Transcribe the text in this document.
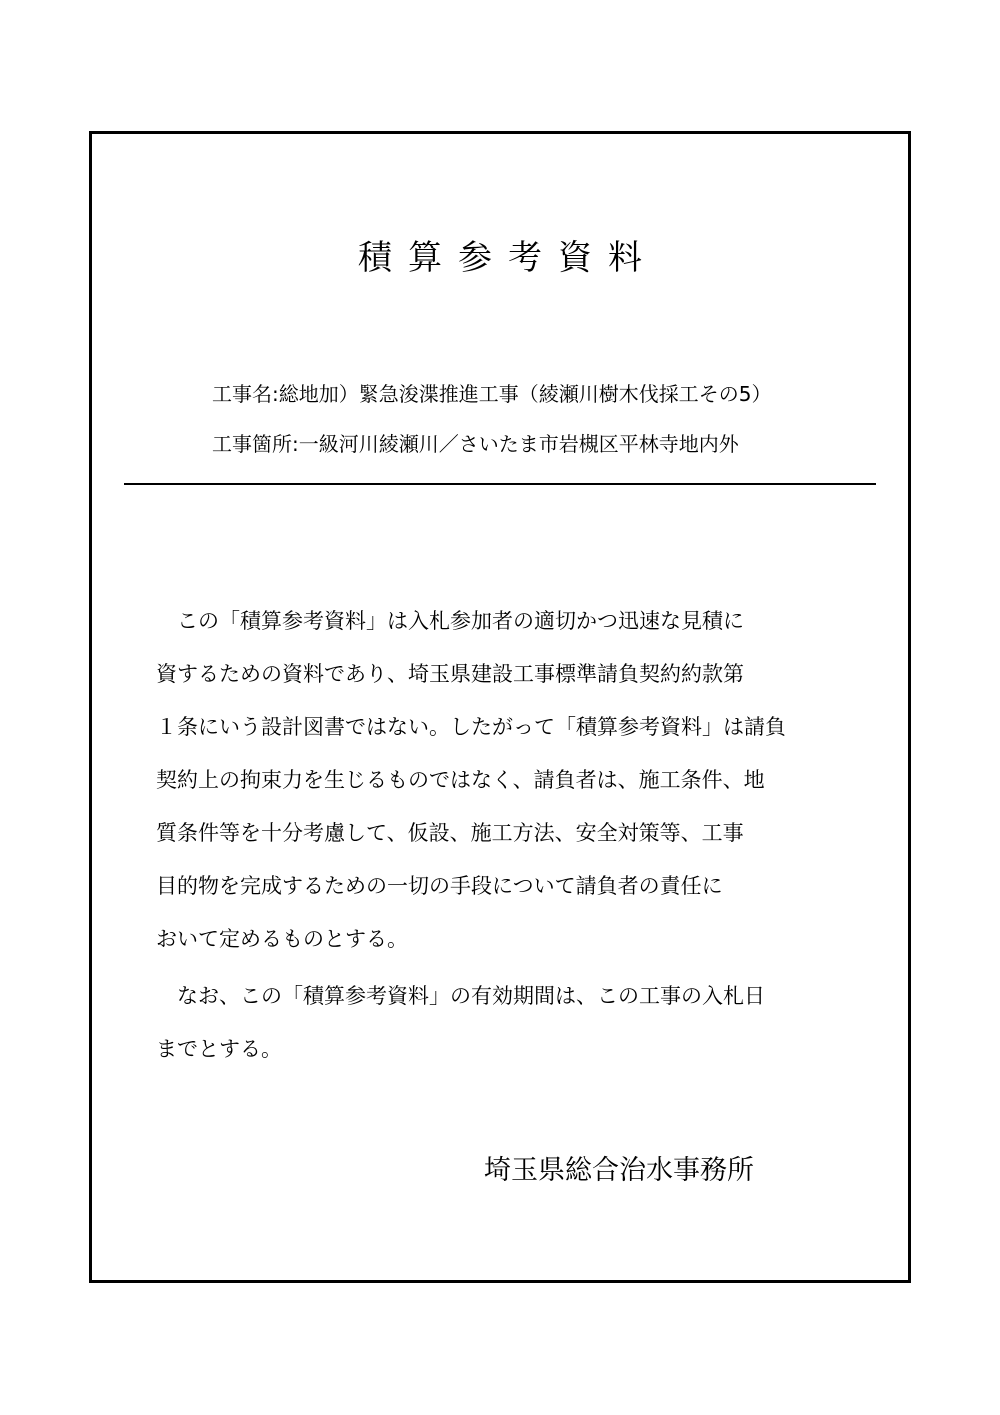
積算参考資料
工事名:総地加）緊急浚渫推進工事（綾瀬川樹木伐採工その5）
工事箇所:一級河川綾瀬川／さいたま市岩槻区平林寺地内外
　この「積算参考資料」は入札参加者の適切かつ迅速な見積に
資するための資料であり、埼玉県建設工事標準請負契約約款第
１条にいう設計図書ではない。したがって「積算参考資料」は請負
契約上の拘束力を生じるものではなく、請負者は、施工条件、地
質条件等を十分考慮して、仮設、施工方法、安全対策等、工事
目的物を完成するための一切の手段について請負者の責任に
おいて定めるものとする。
　なお、この「積算参考資料」の有効期間は、この工事の入札日
までとする。
埼玉県総合治水事務所
